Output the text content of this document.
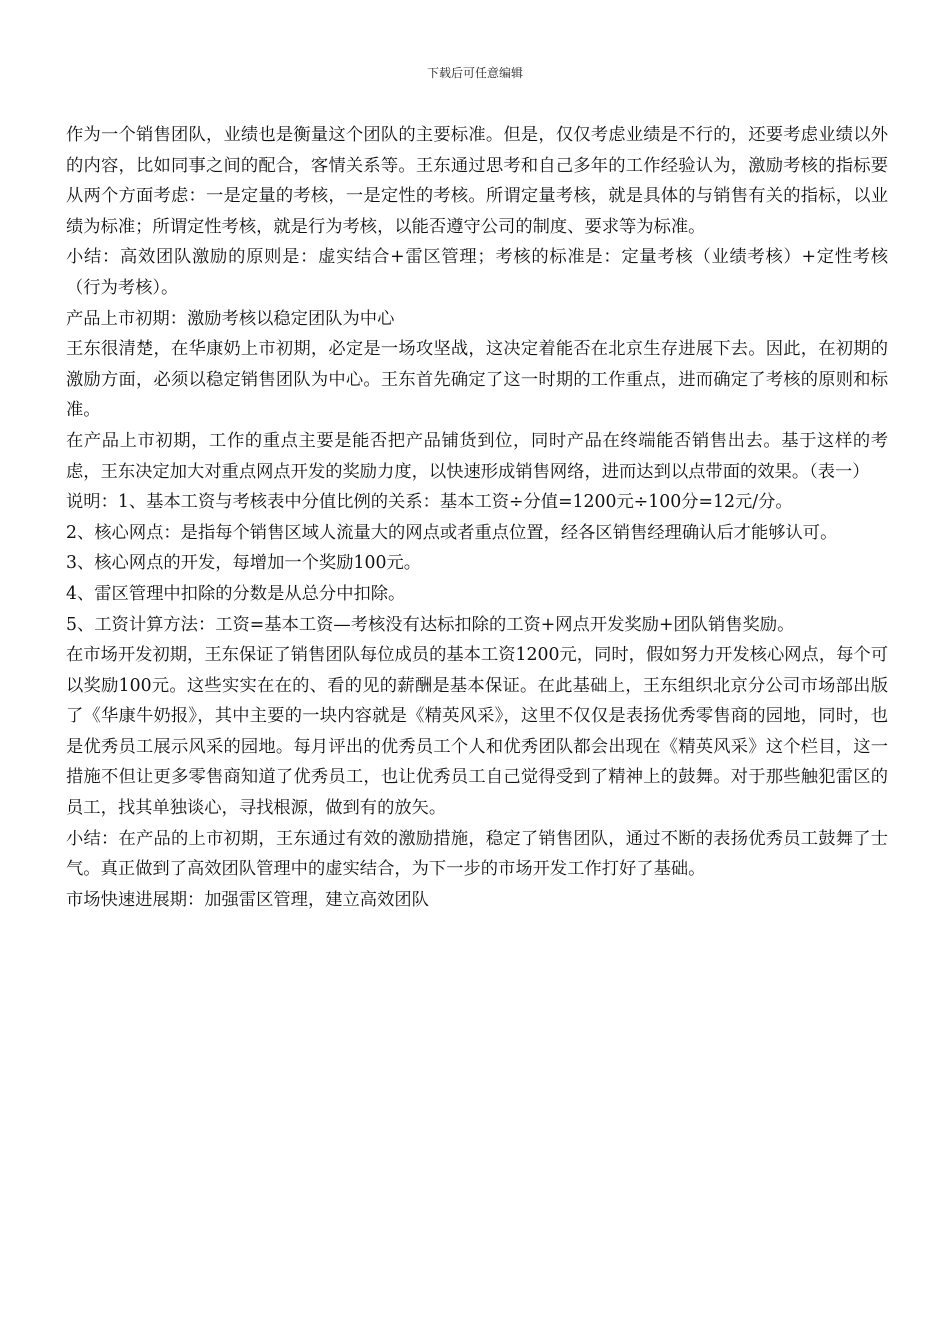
下载后可任意编辑

作为一个销售团队，业绩也是衡量这个团队的主要标准。但是，仅仅考虑业绩是不行的，还要考虑业绩以外的内容，比如同事之间的配合，客情关系等。王东通过思考和自己多年的工作经验认为，激励考核的指标要从两个方面考虑：一是定量的考核，一是定性的考核。所谓定量考核，就是具体的与销售有关的指标，以业绩为标准；所谓定性考核，就是行为考核，以能否遵守公司的制度、要求等为标准。

小结：高效团队激励的原则是：虚实结合+雷区管理；考核的标准是：定量考核（业绩考核）+定性考核（行为考核）。

产品上市初期：激励考核以稳定团队为中心

王东很清楚，在华康奶上市初期，必定是一场攻坚战，这决定着能否在北京生存进展下去。因此，在初期的激励方面，必须以稳定销售团队为中心。王东首先确定了这一时期的工作重点，进而确定了考核的原则和标准。

在产品上市初期，工作的重点主要是能否把产品铺货到位，同时产品在终端能否销售出去。基于这样的考虑，王东决定加大对重点网点开发的奖励力度，以快速形成销售网络，进而达到以点带面的效果。（表一）

说明：1、基本工资与考核表中分值比例的关系：基本工资÷分值=1200元÷100分=12元/分。

2、核心网点：是指每个销售区域人流量大的网点或者重点位置，经各区销售经理确认后才能够认可。

3、核心网点的开发，每增加一个奖励100元。

4、雷区管理中扣除的分数是从总分中扣除。

5、工资计算方法：工资=基本工资—考核没有达标扣除的工资+网点开发奖励+团队销售奖励。

在市场开发初期，王东保证了销售团队每位成员的基本工资1200元，同时，假如努力开发核心网点，每个可以奖励100元。这些实实在在的、看的见的薪酬是基本保证。在此基础上，王东组织北京分公司市场部出版了《华康牛奶报》，其中主要的一块内容就是《精英风采》，这里不仅仅是表扬优秀零售商的园地，同时，也是优秀员工展示风采的园地。每月评出的优秀员工个人和优秀团队都会出现在《精英风采》这个栏目，这一措施不但让更多零售商知道了优秀员工，也让优秀员工自己觉得受到了精神上的鼓舞。对于那些触犯雷区的员工，找其单独谈心，寻找根源，做到有的放矢。

小结：在产品的上市初期，王东通过有效的激励措施，稳定了销售团队，通过不断的表扬优秀员工鼓舞了士气。真正做到了高效团队管理中的虚实结合，为下一步的市场开发工作打好了基础。

市场快速进展期：加强雷区管理，建立高效团队
